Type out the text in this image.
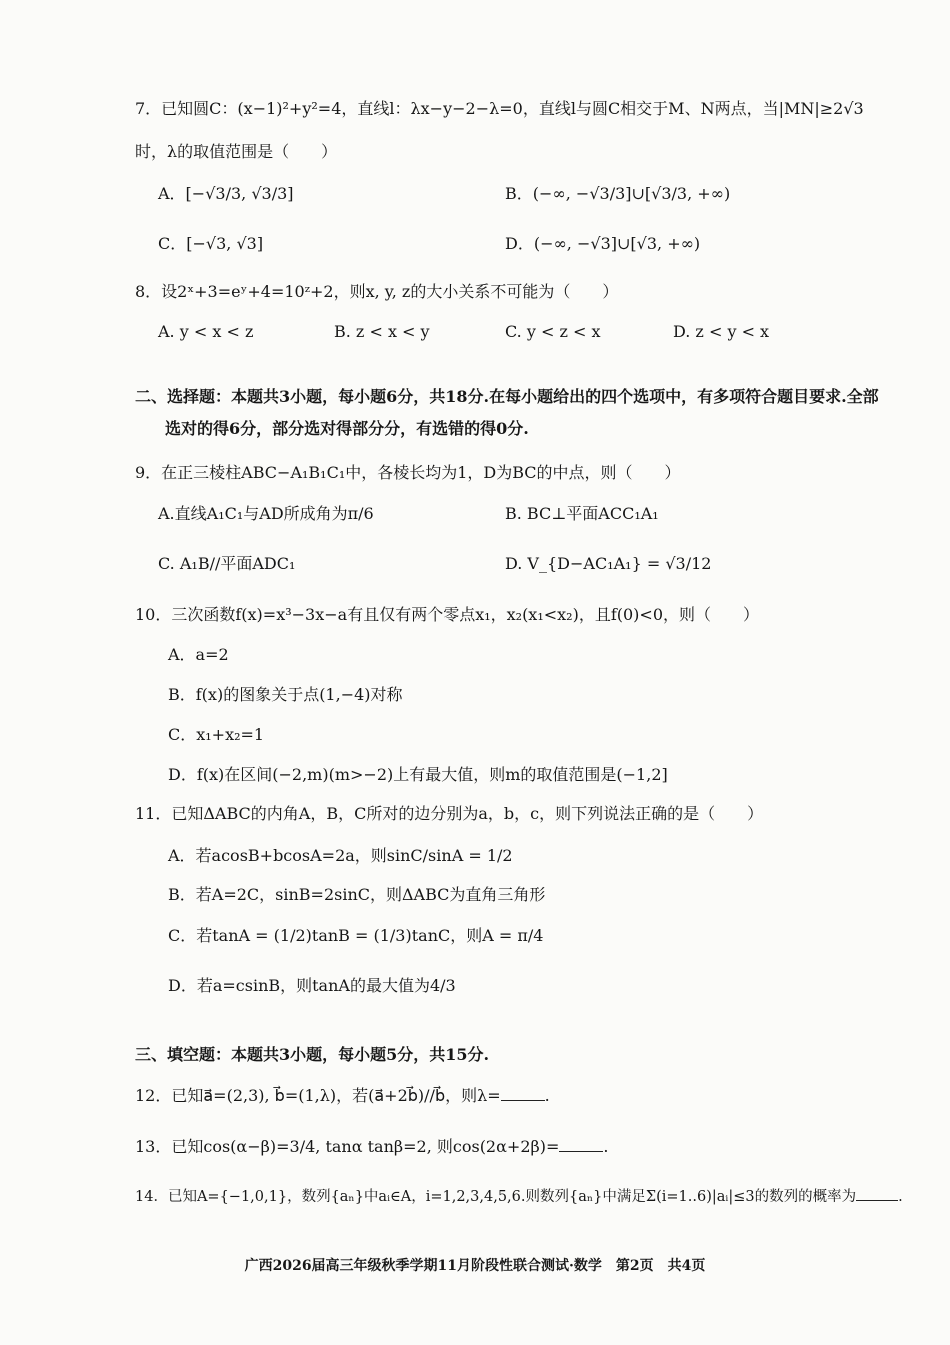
7．已知圆C：(x−1)²+y²=4，直线l：λx−y−2−λ=0，直线l与圆C相交于M、N两点，当|MN|≥2√3
时，λ的取值范围是（　　）
A．[−√3/3, √3/3]	B．(−∞, −√3/3]∪[√3/3, +∞)
C．[−√3, √3]	D．(−∞, −√3]∪[√3, +∞)
8．设2ˣ+3=eʸ+4=10ᶻ+2，则x, y, z的大小关系不可能为（　　）
A. y < x < z	B. z < x < y	C. y < z < x	D. z < y < x
二、选择题：本题共3小题，每小题6分，共18分.在每小题给出的四个选项中，有多项符合题目要求.全部
选对的得6分，部分选对得部分分，有选错的得0分.
9．在正三棱柱ABC−A₁B₁C₁中，各棱长均为1，D为BC的中点，则（　　）
A.直线A₁C₁与AD所成角为π/6	B. BC⊥平面ACC₁A₁
C. A₁B//平面ADC₁	D. V_{D−AC₁A₁} = √3/12
10．三次函数f(x)=x³−3x−a有且仅有两个零点x₁，x₂(x₁<x₂)，且f(0)<0，则（　　）
A．a=2
B．f(x)的图象关于点(1,−4)对称
C．x₁+x₂=1
D．f(x)在区间(−2,m)(m>−2)上有最大值，则m的取值范围是(−1,2]
11．已知ΔABC的内角A，B，C所对的边分别为a，b，c，则下列说法正确的是（　　）
A．若acosB+bcosA=2a，则sinC/sinA = 1/2
B．若A=2C，sinB=2sinC，则ΔABC为直角三角形
C．若tanA = (1/2)tanB = (1/3)tanC，则A = π/4
D．若a=csinB，则tanA的最大值为4/3
三、填空题：本题共3小题，每小题5分，共15分.
12．已知a⃗=(2,3), b⃗=(1,λ)，若(a⃗+2b⃗)//b⃗，则λ=	.
13．已知cos(α−β)=3/4, tanα tanβ=2, 则cos(2α+2β)=	.
14．已知A={−1,0,1}，数列{aₙ}中aᵢ∈A，i=1,2,3,4,5,6.则数列{aₙ}中满足Σ(i=1..6)|aᵢ|≤3的数列的概率为	.
广西2026届高三年级秋季学期11月阶段性联合测试·数学　第2页　共4页
